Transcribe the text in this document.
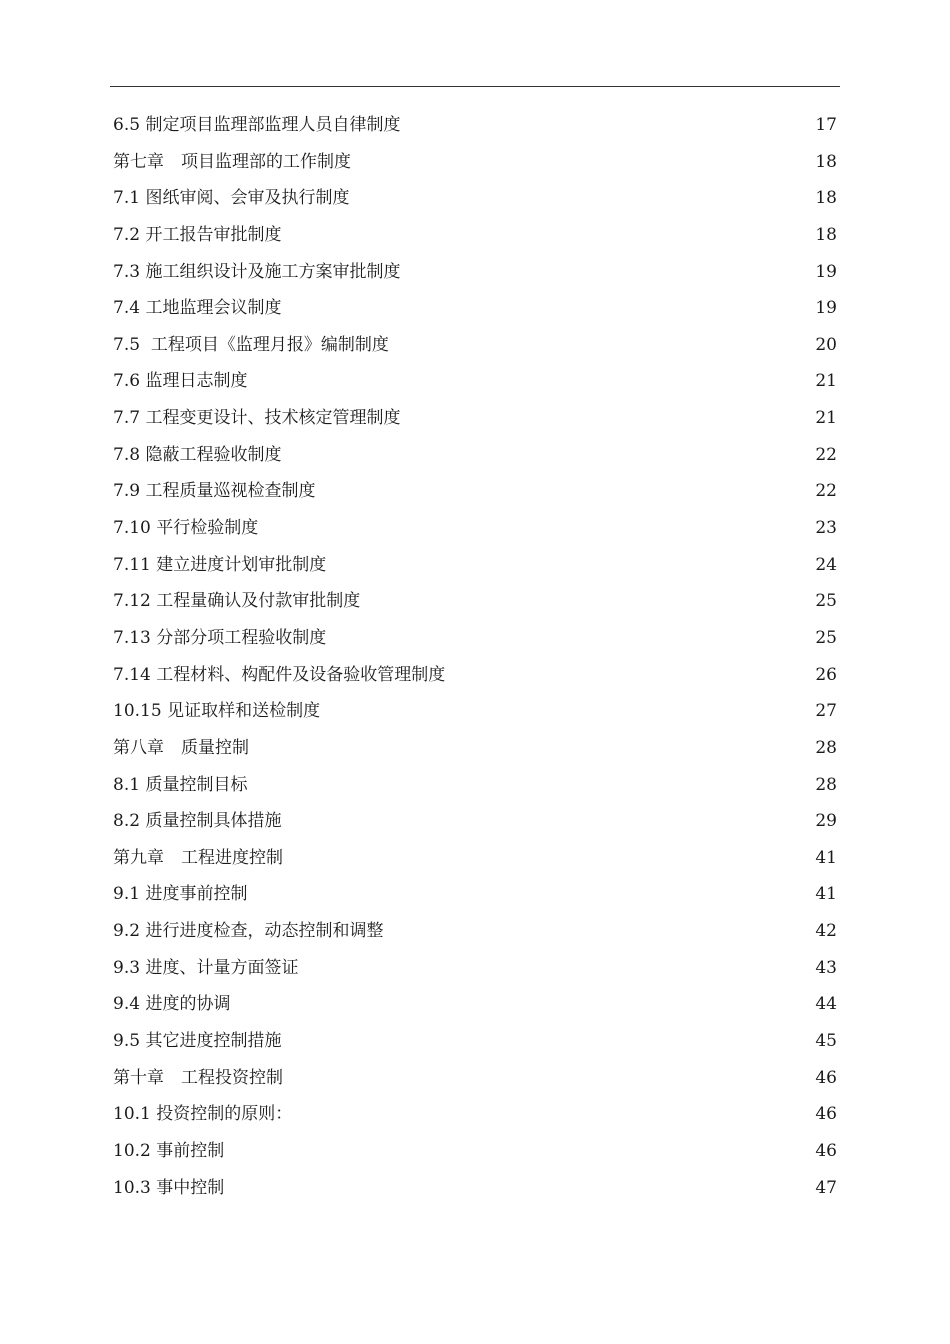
6.5 制定项目监理部监理人员自律制度	17
第七章　项目监理部的工作制度	18
7.1 图纸审阅、会审及执行制度	18
7.2 开工报告审批制度	18
7.3 施工组织设计及施工方案审批制度	19
7.4 工地监理会议制度	19
7.5  工程项目《监理月报》编制制度	20
7.6 监理日志制度	21
7.7 工程变更设计、技术核定管理制度	21
7.8 隐蔽工程验收制度	22
7.9 工程质量巡视检查制度	22
7.10 平行检验制度	23
7.11 建立进度计划审批制度	24
7.12 工程量确认及付款审批制度	25
7.13 分部分项工程验收制度	25
7.14 工程材料、构配件及设备验收管理制度	26
10.15 见证取样和送检制度	27
第八章　质量控制	28
8.1 质量控制目标	28
8.2 质量控制具体措施	29
第九章　工程进度控制	41
9.1 进度事前控制	41
9.2 进行进度检查，动态控制和调整	42
9.3 进度、计量方面签证	43
9.4 进度的协调	44
9.5 其它进度控制措施	45
第十章　工程投资控制	46
10.1 投资控制的原则：	46
10.2 事前控制	46
10.3 事中控制	47
